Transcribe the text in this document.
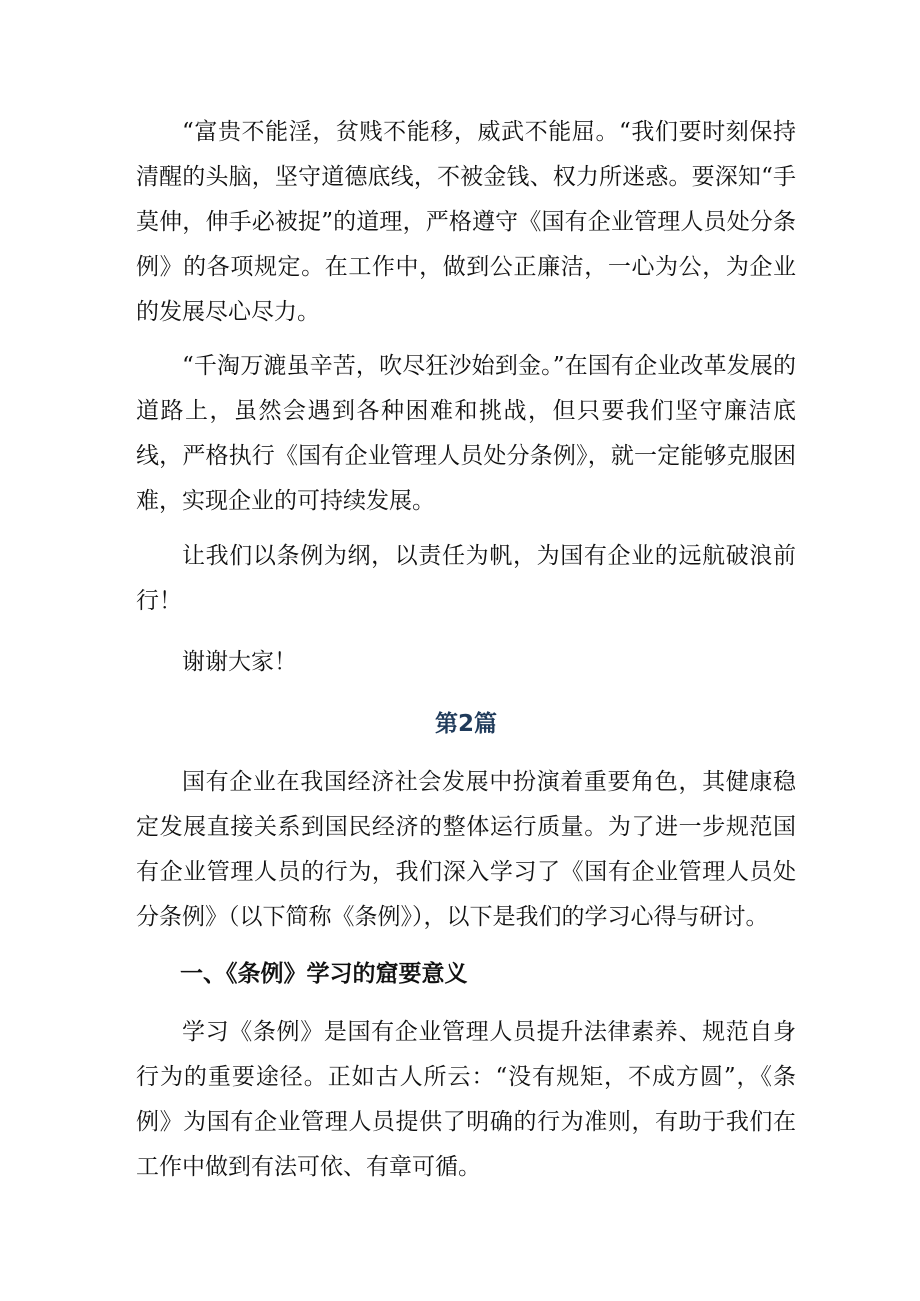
“富贵不能淫，贫贱不能移，威武不能屈。“我们要时刻保持清醒的头脑，坚守道德底线，不被金钱、权力所迷惑。要深知“手莫伸，伸手必被捉”的道理，严格遵守《国有企业管理人员处分条例》的各项规定。在工作中，做到公正廉洁，一心为公，为企业的发展尽心尽力。

“千淘万漉虽辛苦，吹尽狂沙始到金。”在国有企业改革发展的道路上，虽然会遇到各种困难和挑战，但只要我们坚守廉洁底线，严格执行《国有企业管理人员处分条例》，就一定能够克服困难，实现企业的可持续发展。

让我们以条例为纲，以责任为帆，为国有企业的远航破浪前行！

谢谢大家！

第2篇

国有企业在我国经济社会发展中扮演着重要角色，其健康稳定发展直接关系到国民经济的整体运行质量。为了进一步规范国有企业管理人员的行为，我们深入学习了《国有企业管理人员处分条例》（以下简称《条例》），以下是我们的学习心得与研讨。

一、《条例》学习的窟要意义

学习《条例》是国有企业管理人员提升法律素养、规范自身行为的重要途径。正如古人所云：“没有规矩，不成方圆”，《条例》为国有企业管理人员提供了明确的行为准则，有助于我们在工作中做到有法可依、有章可循。
